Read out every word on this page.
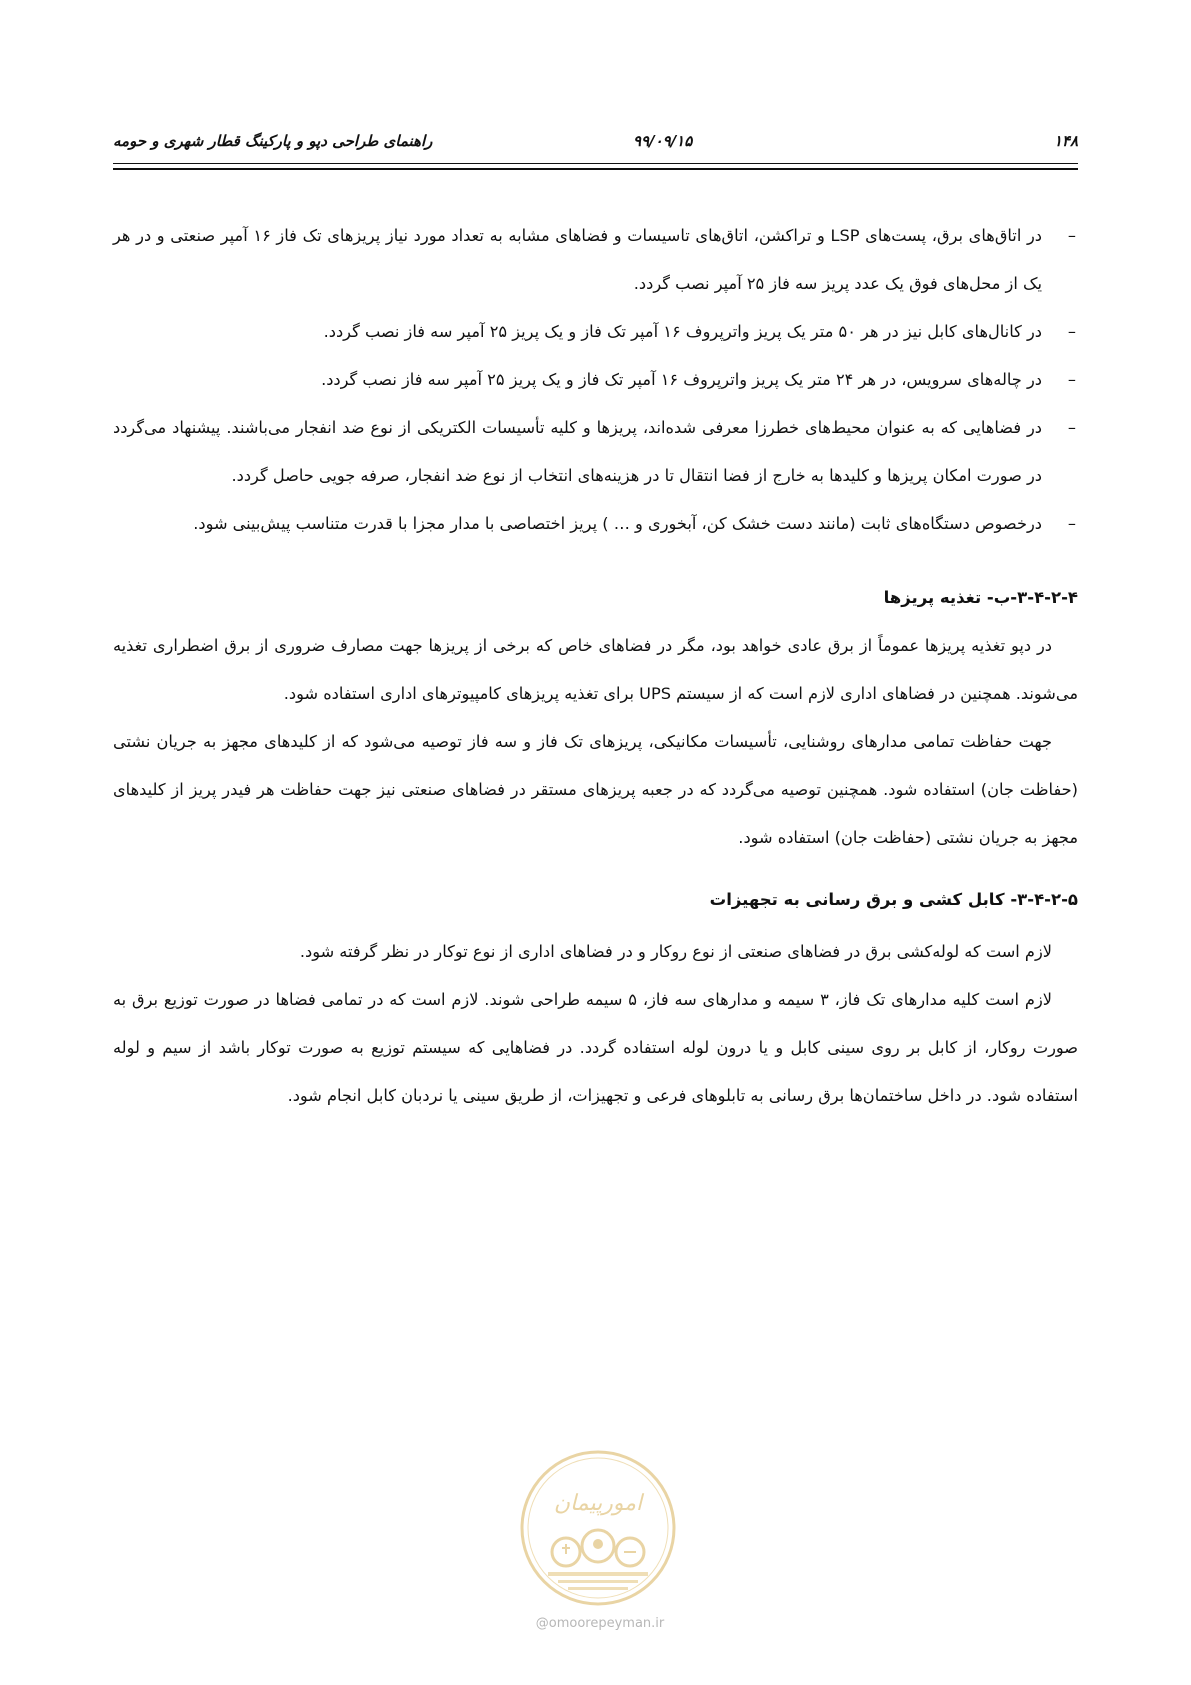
۱۴۸
۹۹/۰۹/۱۵
راهنمای طراحی دپو و پارکینگ قطار شهری و حومه
–
در اتاق‌های برق، پست‌های LSP و تراکشن، اتاق‌های تاسیسات و فضاهای مشابه به تعداد مورد نیاز پریزهای تک فاز ۱۶ آمپر صنعتی و در هر یک از محل‌های فوق یک عدد پریز سه فاز ۲۵ آمپر نصب گردد.
–
در کانال‌های کابل نیز در هر ۵۰ متر یک پریز واترپروف ۱۶ آمپر تک فاز و یک پریز ۲۵ آمپر سه فاز نصب گردد.
–
در چاله‌های سرویس، در هر ۲۴ متر یک پریز واترپروف ۱۶ آمپر تک فاز و یک پریز ۲۵ آمپر سه فاز نصب گردد.
–
در فضاهایی که به عنوان محیط‌های خطرزا معرفی شده‌اند، پریزها و کلیه تأسیسات الکتریکی از نوع ضد انفجار می‌باشند. پیشنهاد می‌گردد در صورت امکان پریزها و کلیدها به خارج از فضا انتقال تا در هزینه‌های انتخاب از نوع ضد انفجار، صرفه جویی حاصل گردد.
–
درخصوص دستگاه‌های ثابت (مانند دست خشک کن، آبخوری و … ) پریز اختصاصی با مدار مجزا با قدرت متناسب پیش‌بینی شود.
۳-۴-۲-۴-ب- تغذیه پریزها

در دپو تغذیه پریزها عموماً از برق عادی خواهد بود، مگر در فضاهای خاص که برخی از پریزها جهت مصارف ضروری از برق اضطراری تغذیه می‌شوند. همچنین در فضاهای اداری لازم است که از سیستم UPS برای تغذیه پریزهای کامپیوترهای اداری استفاده شود.

جهت حفاظت تمامی مدارهای روشنایی، تأسیسات مکانیکی، پریزهای تک فاز و سه فاز توصیه می‌شود که از کلیدهای مجهز به جریان نشتی (حفاظت جان) استفاده شود. همچنین توصیه می‌گردد که در جعبه پریزهای مستقر در فضاهای صنعتی نیز جهت حفاظت هر فیدر پریز از کلیدهای مجهز به جریان نشتی (حفاظت جان) استفاده شود.

۳-۴-۲-۵- کابل کشی و برق رسانی به تجهیزات

لازم است که لوله‌کشی برق در فضاهای صنعتی از نوع روکار و در فضاهای اداری از نوع توکار در نظر گرفته شود.

لازم است کلیه مدارهای تک فاز، ۳ سیمه و مدارهای سه فاز، ۵ سیمه طراحی شوند. لازم است که در تمامی فضاها در صورت توزیع برق به صورت روکار، از کابل بر روی سینی کابل و یا درون لوله استفاده گردد. در فضاهایی که سیستم توزیع به صورت توکار باشد از سیم و لوله استفاده شود. در داخل ساختمان‌ها برق رسانی به تابلوهای فرعی و تجهیزات، از طریق سینی یا نردبان کابل انجام شود.

امورپیمان
@omoorepeyman.ir
